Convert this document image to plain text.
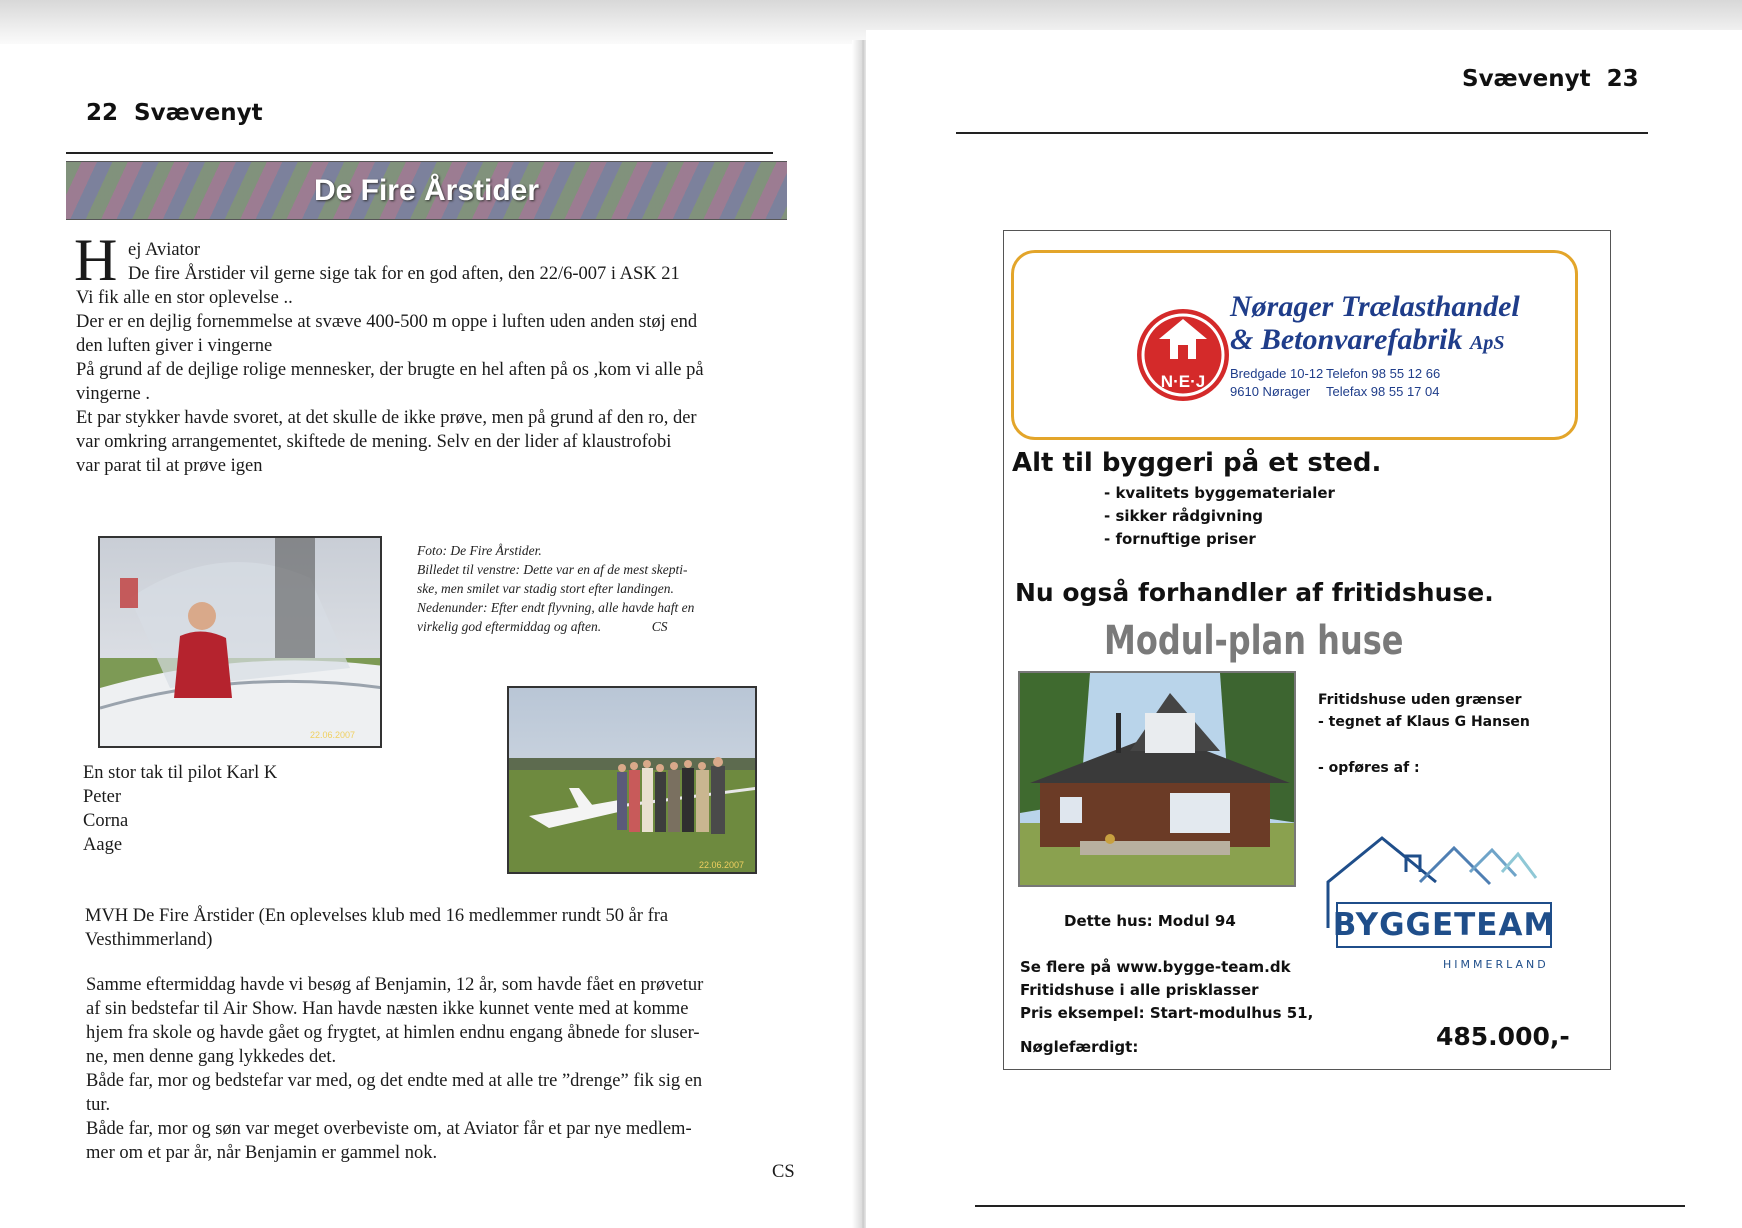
22 Svævenyt
De Fire Årstider
H ej Aviator
De fire Årstider vil gerne sige tak for en god aften, den 22/6-007 i ASK 21
Vi fik alle en stor oplevelse ..
Der er en dejlig fornemmelse at svæve 400-500 m oppe i luften uden anden støj end
den luften giver i vingerne
På grund af de dejlige rolige mennesker, der brugte en hel aften på os ,kom vi alle på
vingerne .
Et par stykker havde svoret, at det skulle de ikke prøve, men på grund af den ro, der
var omkring arrangementet, skiftede de mening. Selv en der lider af klaustrofobi
var parat til at prøve igen
22.06.2007
Foto: De Fire Årstider.
Billedet til venstre: Dette var en af de mest skepti-
ske, men smilet var stadig stort efter landingen.
Nedenunder: Efter endt flyvning, alle havde haft en
virkelig god eftermiddag og aften.	CS
22.06.2007
En stor tak til pilot Karl K
Peter
Corna
Aage
MVH De Fire Årstider (En oplevelses klub med 16 medlemmer rundt 50 år fra
Vesthimmerland)
Samme eftermiddag havde vi besøg af Benjamin, 12 år, som havde fået en prøvetur
af sin bedstefar til Air Show. Han havde næsten ikke kunnet vente med at komme
hjem fra skole og havde gået og frygtet, at himlen endnu engang åbnede for sluser-
ne, men denne gang lykkedes det.
Både far, mor og bedstefar var med, og det endte med at alle tre ”drenge” fik sig en
tur.
Både far, mor og søn var meget overbeviste om, at Aviator får et par nye medlem-
mer om et par år, når Benjamin er gammel nok.
CS
Svævenyt 23
N·E·J
Nørager Trælasthandel
& Betonvarefabrik ApS
Bredgade 10-12
9610 Nørager
Telefon 98 55 12 66
Telefax 98 55 17 04
Alt til byggeri på et sted.
- kvalitets byggematerialer
- sikker rådgivning
- fornuftige priser
Nu også forhandler af fritidshuse.
Modul-plan huse
Fritidshuse uden grænser
- tegnet af Klaus G Hansen
- opføres af :
BYGGETEAM
HIMMERLAND
Dette hus: Modul 94
Se flere på www.bygge-team.dk
Fritidshuse i alle prisklasser
Pris eksempel: Start-modulhus 51,
Nøglefærdigt:	485.000,-
